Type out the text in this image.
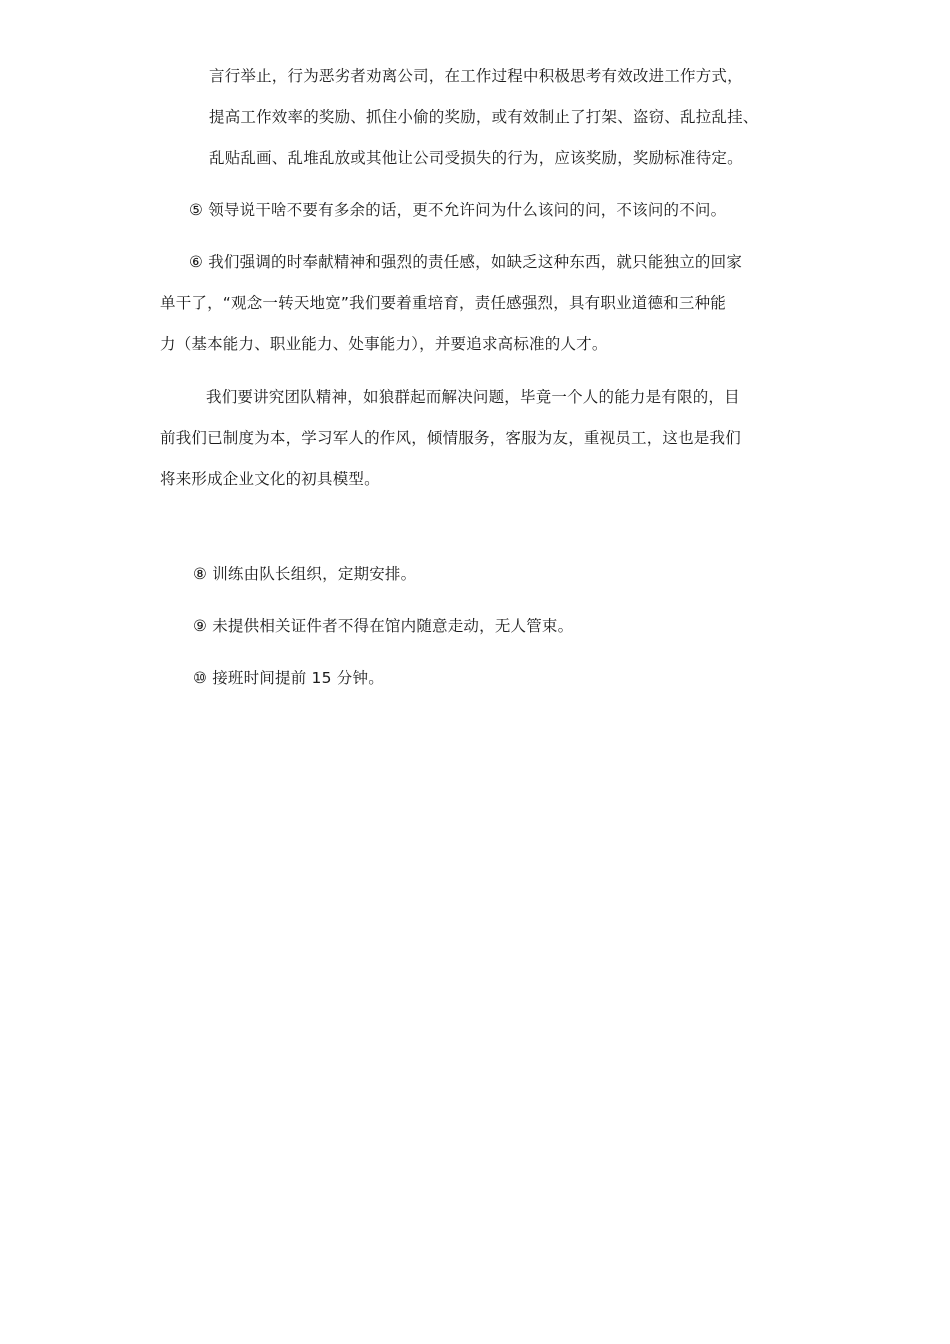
言行举止，行为恶劣者劝离公司，在工作过程中积极思考有效改进工作方式，
提高工作效率的奖励、抓住小偷的奖励，或有效制止了打架、盗窃、乱拉乱挂、
乱贴乱画、乱堆乱放或其他让公司受损失的行为，应该奖励，奖励标准待定。
⑤ 领导说干啥不要有多余的话，更不允许问为什么该问的问，不该问的不问。
⑥ 我们强调的时奉献精神和强烈的责任感，如缺乏这种东西，就只能独立的回家
单干了，“观念一转天地宽”我们要着重培育，责任感强烈，具有职业道德和三种能
力（基本能力、职业能力、处事能力），并要追求高标准的人才。
我们要讲究团队精神，如狼群起而解决问题，毕竟一个人的能力是有限的，目
前我们已制度为本，学习军人的作风，倾情服务，客服为友，重视员工，这也是我们
将来形成企业文化的初具模型。
⑧ 训练由队长组织，定期安排。
⑨ 未提供相关证件者不得在馆内随意走动，无人管束。
⑩ 接班时间提前 15 分钟。
